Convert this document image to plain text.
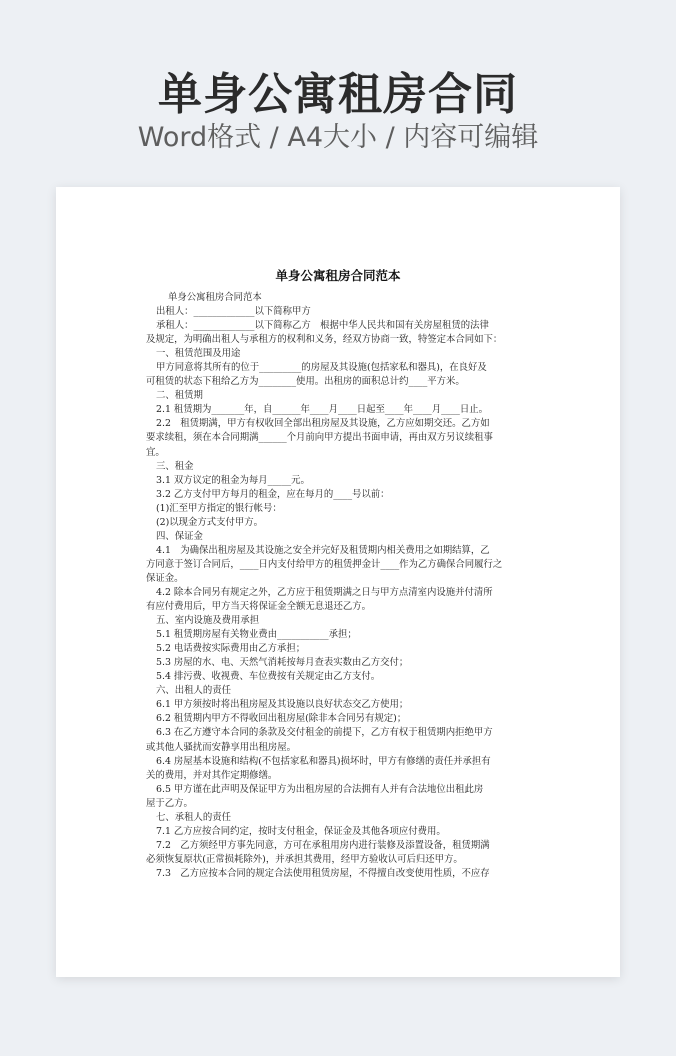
单身公寓租房合同
Word格式 / A4大小 / 内容可编辑
单身公寓租房合同范本

单身公寓租房合同范本

出租人：_____________以下简称甲方

承租人：_____________以下简称乙方　根据中华人民共和国有关房屋租赁的法律

及规定，为明确出租人与承租方的权利和义务，经双方协商一致，特签定本合同如下：

一、租赁范围及用途

甲方同意将其所有的位于_________的房屋及其设施(包括家私和器具)，在良好及

可租赁的状态下租给乙方为________使用。出租房的面积总计约____平方米。

二、租赁期

2.1 租赁期为_______年，自______年____月____日起至____年____月____日止。

2.2　租赁期满，甲方有权收回全部出租房屋及其设施，乙方应如期交还。乙方如

要求续租，须在本合同期满______个月前向甲方提出书面申请，再由双方另议续租事

宜。

三、租金

3.1 双方议定的租金为每月_____元。

3.2 乙方支付甲方每月的租金，应在每月的____号以前：

(1)汇至甲方指定的银行帐号：

(2)以现金方式支付甲方。

四、保证金

4.1　为确保出租房屋及其设施之安全并完好及租赁期内相关费用之如期结算，乙

方同意于签订合同后，____日内支付给甲方的租赁押金计____作为乙方确保合同履行之

保证金。

4.2 除本合同另有规定之外，乙方应于租赁期满之日与甲方点清室内设施并付清所

有应付费用后，甲方当天将保证金全额无息退还乙方。

五、室内设施及费用承担

5.1 租赁期房屋有关物业费由___________承担；

5.2 电话费按实际费用由乙方承担；

5.3 房屋的水、电、天然气消耗按每月查表实数由乙方交付；

5.4 排污费、收视费、车位费按有关规定由乙方支付。

六、出租人的责任

6.1 甲方须按时将出租房屋及其设施以良好状态交乙方使用；

6.2 租赁期内甲方不得收回出租房屋(除非本合同另有规定)；

6.3 在乙方遵守本合同的条款及交付租金的前提下，乙方有权于租赁期内拒绝甲方

或其他人骚扰而安静享用出租房屋。

6.4 房屋基本设施和结构(不包括家私和器具)损坏时，甲方有修缮的责任并承担有

关的费用，并对其作定期修缮。

6.5 甲方谨在此声明及保证甲方为出租房屋的合法拥有人并有合法地位出租此房

屋于乙方。

七、承租人的责任

7.1 乙方应按合同约定，按时支付租金，保证金及其他各项应付费用。

7.2　乙方须经甲方事先同意，方可在承租用房内进行装修及添置设备，租赁期满

必须恢复原状(正常损耗除外)，并承担其费用，经甲方验收认可后归还甲方。

7.3　乙方应按本合同的规定合法使用租赁房屋，不得擅自改变使用性质，不应存
